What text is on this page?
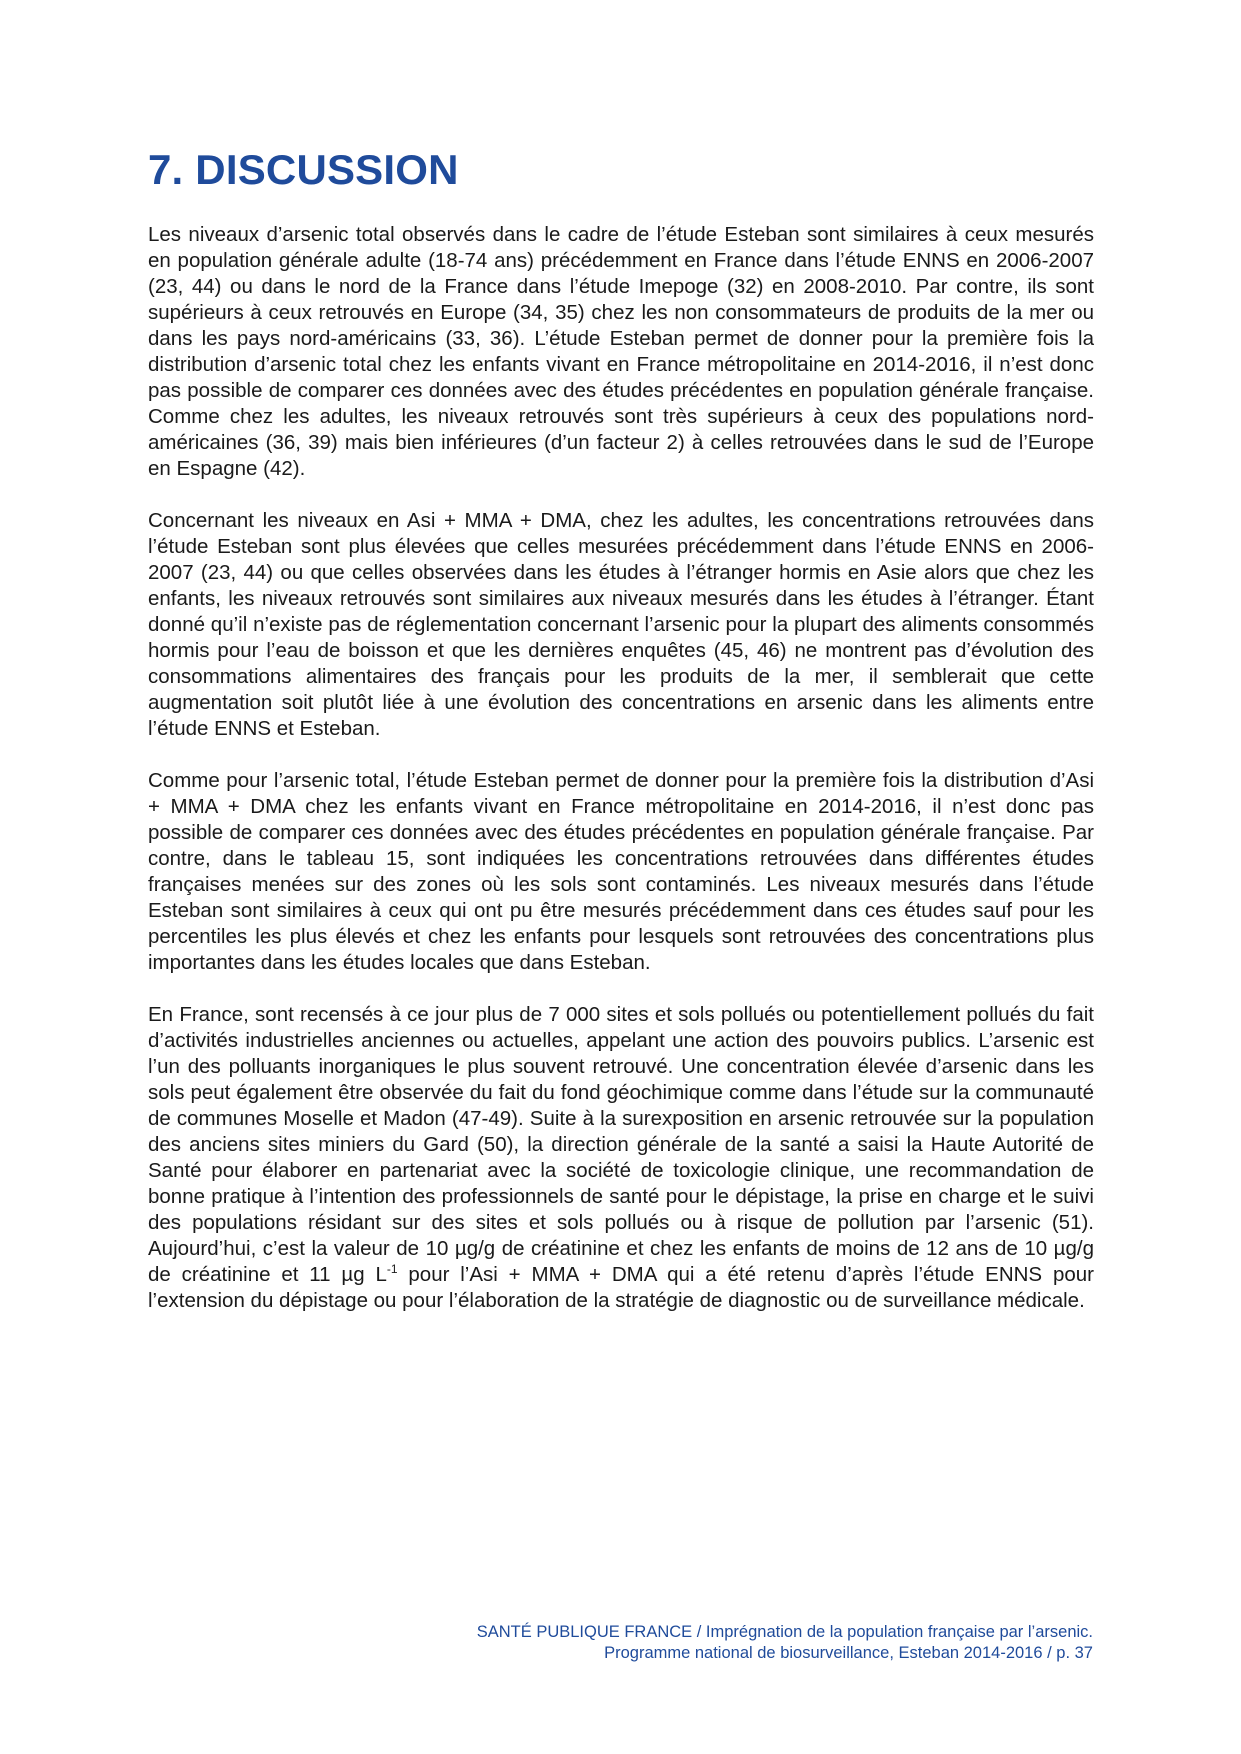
7. DISCUSSION

Les niveaux d’arsenic total observés dans le cadre de l’étude Esteban sont similaires à ceux mesurés en population générale adulte (18-74 ans) précédemment en France dans l’étude ENNS en 2006-2007 (23, 44) ou dans le nord de la France dans l’étude Imepoge (32) en 2008-2010. Par contre, ils sont supérieurs à ceux retrouvés en Europe (34, 35) chez les non consommateurs de produits de la mer ou dans les pays nord-américains (33, 36). L’étude Esteban permet de donner pour la première fois la distribution d’arsenic total chez les enfants vivant en France métropolitaine en 2014-2016, il n’est donc pas possible de comparer ces données avec des études précédentes en population générale française. Comme chez les adultes, les niveaux retrouvés sont très supérieurs à ceux des populations nord-américaines (36, 39) mais bien inférieures (d’un facteur 2) à celles retrouvées dans le sud de l’Europe en Espagne (42).

Concernant les niveaux en Asi + MMA + DMA, chez les adultes, les concentrations retrouvées dans l’étude Esteban sont plus élevées que celles mesurées précédemment dans l’étude ENNS en 2006-2007 (23, 44) ou que celles observées dans les études à l’étranger hormis en Asie alors que chez les enfants, les niveaux retrouvés sont similaires aux niveaux mesurés dans les études à l’étranger. Étant donné qu’il n’existe pas de réglementation concernant l’arsenic pour la plupart des aliments consommés hormis pour l’eau de boisson et que les dernières enquêtes (45, 46) ne montrent pas d’évolution des consommations alimentaires des français pour les produits de la mer, il semblerait que cette augmentation soit plutôt liée à une évolution des concentrations en arsenic dans les aliments entre l’étude ENNS et Esteban.

Comme pour l’arsenic total, l’étude Esteban permet de donner pour la première fois la distribution d’Asi + MMA + DMA chez les enfants vivant en France métropolitaine en 2014-2016, il n’est donc pas possible de comparer ces données avec des études précédentes en population générale française. Par contre, dans le tableau 15, sont indiquées les concentrations retrouvées dans différentes études françaises menées sur des zones où les sols sont contaminés. Les niveaux mesurés dans l’étude Esteban sont similaires à ceux qui ont pu être mesurés précédemment dans ces études sauf pour les percentiles les plus élevés et chez les enfants pour lesquels sont retrouvées des concentrations plus importantes dans les études locales que dans Esteban.

En France, sont recensés à ce jour plus de 7 000 sites et sols pollués ou potentiellement pollués du fait d’activités industrielles anciennes ou actuelles, appelant une action des pouvoirs publics. L’arsenic est l’un des polluants inorganiques le plus souvent retrouvé. Une concentration élevée d’arsenic dans les sols peut également être observée du fait du fond géochimique comme dans l’étude sur la communauté de communes Moselle et Madon (47-49). Suite à la surexposition en arsenic retrouvée sur la population des anciens sites miniers du Gard (50), la direction générale de la santé a saisi la Haute Autorité de Santé pour élaborer en partenariat avec la société de toxicologie clinique, une recommandation de bonne pratique à l’intention des professionnels de santé pour le dépistage, la prise en charge et le suivi des populations résidant sur des sites et sols pollués ou à risque de pollution par l’arsenic (51). Aujourd’hui, c’est la valeur de 10 µg/g de créatinine et chez les enfants de moins de 12 ans de 10 µg/g de créatinine et 11 µg $L^{-1}$ pour l’Asi + MMA + DMA qui a été retenu d’après l’étude ENNS pour l’extension du dépistage ou pour l’élaboration de la stratégie de diagnostic ou de surveillance médicale.

SANTÉ PUBLIQUE FRANCE / Imprégnation de la population française par l’arsenic.
Programme national de biosurveillance, Esteban 2014-2016 / p. 37
